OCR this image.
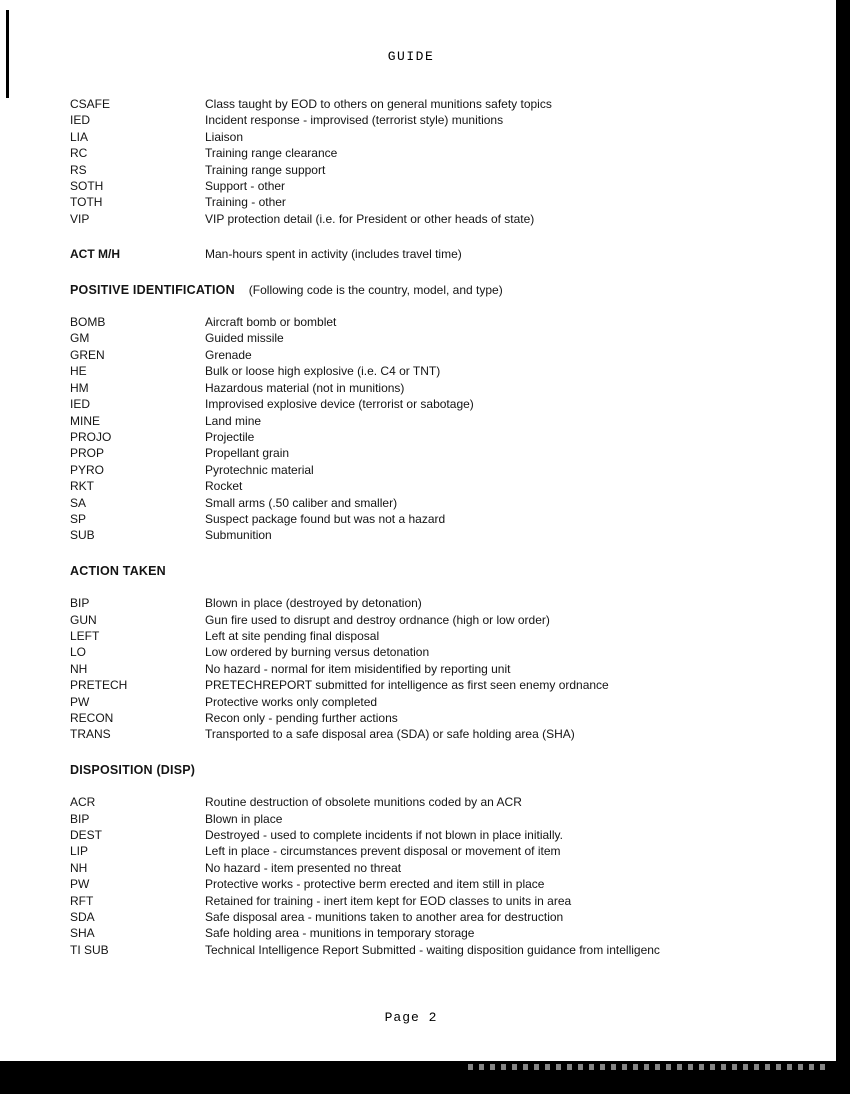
GUIDE
CSAFE	Class taught by EOD to others on general munitions safety topics
IED	Incident response - improvised (terrorist style) munitions
LIA	Liaison
RC	Training range clearance
RS	Training range support
SOTH	Support - other
TOTH	Training - other
VIP	VIP protection detail (i.e. for President or other heads of state)
ACT M/H	Man-hours spent in activity (includes travel time)
POSITIVE IDENTIFICATION (Following code is the country, model, and type)
BOMB	Aircraft bomb or bomblet
GM	Guided missile
GREN	Grenade
HE	Bulk or loose high explosive (i.e. C4 or TNT)
HM	Hazardous material (not in munitions)
IED	Improvised explosive device (terrorist or sabotage)
MINE	Land mine
PROJO	Projectile
PROP	Propellant grain
PYRO	Pyrotechnic material
RKT	Rocket
SA	Small arms (.50 caliber and smaller)
SP	Suspect package found but was not a hazard
SUB	Submunition
ACTION TAKEN
BIP	Blown in place (destroyed by detonation)
GUN	Gun fire used to disrupt and destroy ordnance (high or low order)
LEFT	Left at site pending final disposal
LO	Low ordered by burning versus detonation
NH	No hazard - normal for item misidentified by reporting unit
PRETECH	PRETECHREPORT submitted for intelligence as first seen enemy ordnance
PW	Protective works only completed
RECON	Recon only - pending further actions
TRANS	Transported to a safe disposal area (SDA) or safe holding area (SHA)
DISPOSITION (DISP)
ACR	Routine destruction of obsolete munitions coded by an ACR
BIP	Blown in place
DEST	Destroyed - used to complete incidents if not blown in place initially.
LIP	Left in place - circumstances prevent disposal or movement of item
NH	No hazard - item presented no threat
PW	Protective works - protective berm erected and item still in place
RFT	Retained for training - inert item kept for EOD classes to units in area
SDA	Safe disposal area - munitions taken to another area for destruction
SHA	Safe holding area - munitions in temporary storage
TI SUB	Technical Intelligence Report Submitted - waiting disposition guidance from intelligenc
Page 2
